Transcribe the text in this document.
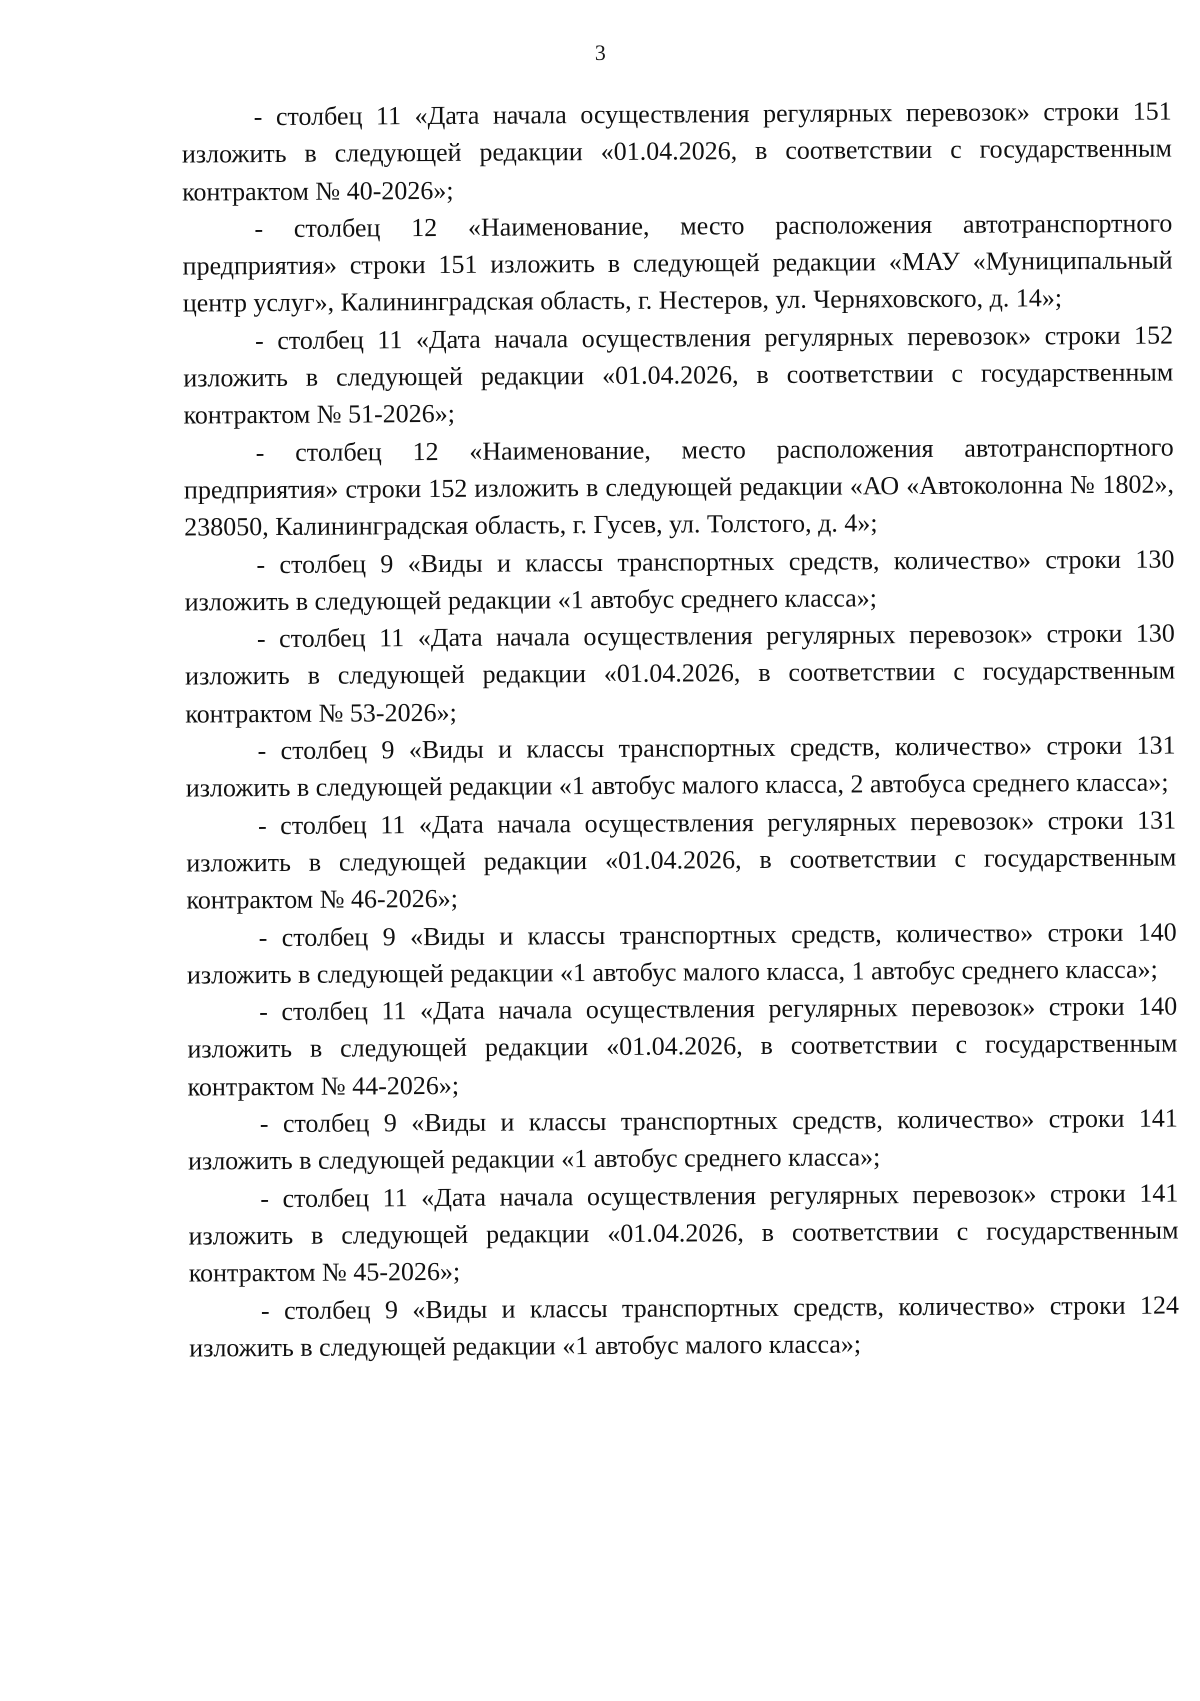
3

- столбец 11 «Дата начала осуществления регулярных перевозок» строки 151 изложить в следующей редакции «01.04.2026, в соответствии с государственным контрактом № 40-2026»;

- столбец 12 «Наименование, место расположения автотранспортного предприятия» строки 151 изложить в следующей редакции «МАУ «Муниципальный центр услуг», Калининградская область, г. Нестеров, ул. Черняховского, д. 14»;

- столбец 11 «Дата начала осуществления регулярных перевозок» строки 152 изложить в следующей редакции «01.04.2026, в соответствии с государственным контрактом № 51-2026»;

- столбец 12 «Наименование, место расположения автотранспортного предприятия» строки 152 изложить в следующей редакции «АО «Автоколонна № 1802», 238050, Калининградская область, г. Гусев, ул. Толстого, д. 4»;

- столбец 9 «Виды и классы транспортных средств, количество» строки 130 изложить в следующей редакции «1 автобус среднего класса»;

- столбец 11 «Дата начала осуществления регулярных перевозок» строки 130 изложить в следующей редакции «01.04.2026, в соответствии с государственным контрактом № 53-2026»;

- столбец 9 «Виды и классы транспортных средств, количество» строки 131 изложить в следующей редакции «1 автобус малого класса, 2 автобуса среднего класса»;

- столбец 11 «Дата начала осуществления регулярных перевозок» строки 131 изложить в следующей редакции «01.04.2026, в соответствии с государственным контрактом № 46-2026»;

- столбец 9 «Виды и классы транспортных средств, количество» строки 140 изложить в следующей редакции «1 автобус малого класса, 1 автобус среднего класса»;

- столбец 11 «Дата начала осуществления регулярных перевозок» строки 140 изложить в следующей редакции «01.04.2026, в соответствии с государственным контрактом № 44-2026»;

- столбец 9 «Виды и классы транспортных средств, количество» строки 141 изложить в следующей редакции «1 автобус среднего класса»;

- столбец 11 «Дата начала осуществления регулярных перевозок» строки 141 изложить в следующей редакции «01.04.2026, в соответствии с государственным контрактом № 45-2026»;

- столбец 9 «Виды и классы транспортных средств, количество» строки 124 изложить в следующей редакции «1 автобус малого класса»;
